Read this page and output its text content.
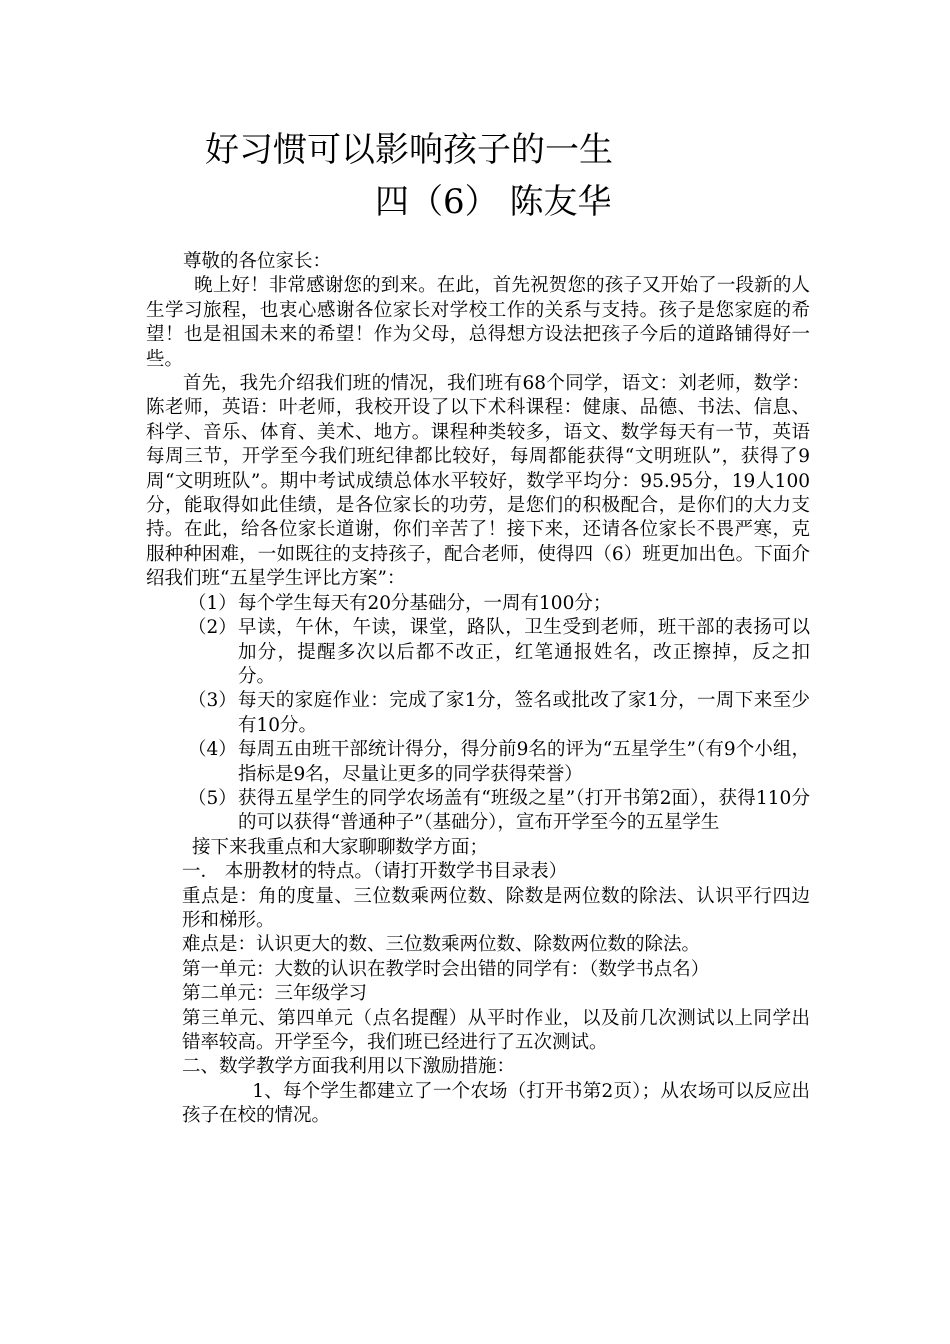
好习惯可以影响孩子的一生
四（6） 陈友华

尊敬的各位家长：

晚上好！非常感谢您的到来。在此，首先祝贺您的孩子又开始了一段新的人生学习旅程，也衷心感谢各位家长对学校工作的关系与支持。孩子是您家庭的希望！也是祖国未来的希望！作为父母，总得想方设法把孩子今后的道路铺得好一些。

首先，我先介绍我们班的情况，我们班有68个同学，语文：刘老师，数学：陈老师，英语：叶老师，我校开设了以下术科课程：健康、品德、书法、信息、科学、音乐、体育、美术、地方。课程种类较多，语文、数学每天有一节，英语每周三节，开学至今我们班纪律都比较好，每周都能获得“文明班队”，获得了9周“文明班队”。期中考试成绩总体水平较好，数学平均分：95.95分，19人100分，能取得如此佳绩，是各位家长的功劳，是您们的积极配合，是你们的大力支持。在此，给各位家长道谢，你们辛苦了！接下来，还请各位家长不畏严寒，克服种种困难，一如既往的支持孩子，配合老师，使得四（6）班更加出色。下面介绍我们班“五星学生评比方案”：

（1） 每个学生每天有20分基础分，一周有100分；
（2） 早读，午休，午读，课堂，路队，卫生受到老师，班干部的表扬可以加分，提醒多次以后都不改正，红笔通报姓名，改正擦掉，反之扣分。
（3） 每天的家庭作业：完成了家1分，签名或批改了家1分，一周下来至少有10分。
（4） 每周五由班干部统计得分，得分前9名的评为“五星学生”（有9个小组，指标是9名，尽量让更多的同学获得荣誉）
（5） 获得五星学生的同学农场盖有“班级之星”（打开书第2面），获得110分的可以获得“普通种子”（基础分），宣布开学至今的五星学生

接下来我重点和大家聊聊数学方面；

一． 本册教材的特点。（请打开数学书目录表）

重点是：角的度量、三位数乘两位数、除数是两位数的除法、认识平行四边形和梯形。

难点是：认识更大的数、三位数乘两位数、除数两位数的除法。

第一单元：大数的认识在教学时会出错的同学有：（数学书点名）

第二单元：三年级学习

第三单元、第四单元（点名提醒）从平时作业，以及前几次测试以上同学出错率较高。开学至今，我们班已经进行了五次测试。

二、数学教学方面我利用以下激励措施：

1、每个学生都建立了一个农场（打开书第2页）；从农场可以反应出孩子在校的情况。
